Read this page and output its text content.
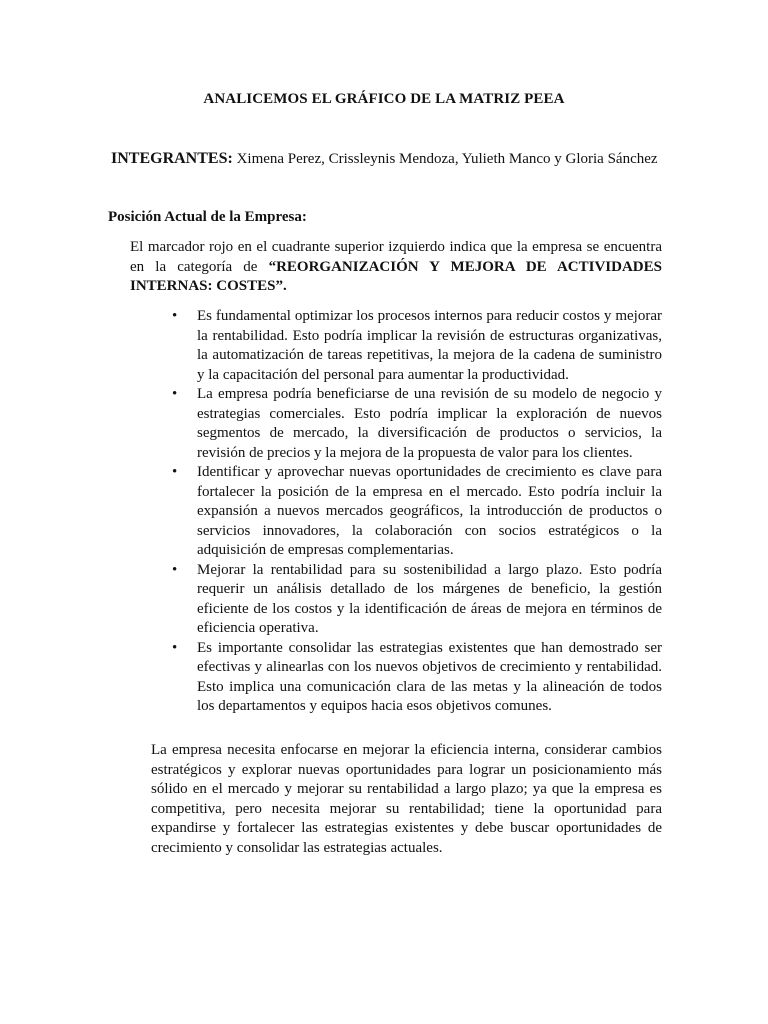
ANALICEMOS EL GRÁFICO DE LA MATRIZ PEEA
INTEGRANTES: Ximena Perez, Crissleynis Mendoza, Yulieth Manco y Gloria Sánchez
Posición Actual de la Empresa:
El marcador rojo en el cuadrante superior izquierdo indica que la empresa se encuentra en la categoría de “REORGANIZACIÓN Y MEJORA DE ACTIVIDADES INTERNAS: COSTES”.
• Es fundamental optimizar los procesos internos para reducir costos y mejorar la rentabilidad. Esto podría implicar la revisión de estructuras organizativas, la automatización de tareas repetitivas, la mejora de la cadena de suministro y la capacitación del personal para aumentar la productividad.
• La empresa podría beneficiarse de una revisión de su modelo de negocio y estrategias comerciales. Esto podría implicar la exploración de nuevos segmentos de mercado, la diversificación de productos o servicios, la revisión de precios y la mejora de la propuesta de valor para los clientes.
• Identificar y aprovechar nuevas oportunidades de crecimiento es clave para fortalecer la posición de la empresa en el mercado. Esto podría incluir la expansión a nuevos mercados geográficos, la introducción de productos o servicios innovadores, la colaboración con socios estratégicos o la adquisición de empresas complementarias.
• Mejorar la rentabilidad para su sostenibilidad a largo plazo. Esto podría requerir un análisis detallado de los márgenes de beneficio, la gestión eficiente de los costos y la identificación de áreas de mejora en términos de eficiencia operativa.
• Es importante consolidar las estrategias existentes que han demostrado ser efectivas y alinearlas con los nuevos objetivos de crecimiento y rentabilidad. Esto implica una comunicación clara de las metas y la alineación de todos los departamentos y equipos hacia esos objetivos comunes.
La empresa necesita enfocarse en mejorar la eficiencia interna, considerar cambios estratégicos y explorar nuevas oportunidades para lograr un posicionamiento más sólido en el mercado y mejorar su rentabilidad a largo plazo; ya que la empresa es competitiva, pero necesita mejorar su rentabilidad; tiene la oportunidad para expandirse y fortalecer las estrategias existentes y debe buscar oportunidades de crecimiento y consolidar las estrategias actuales.
